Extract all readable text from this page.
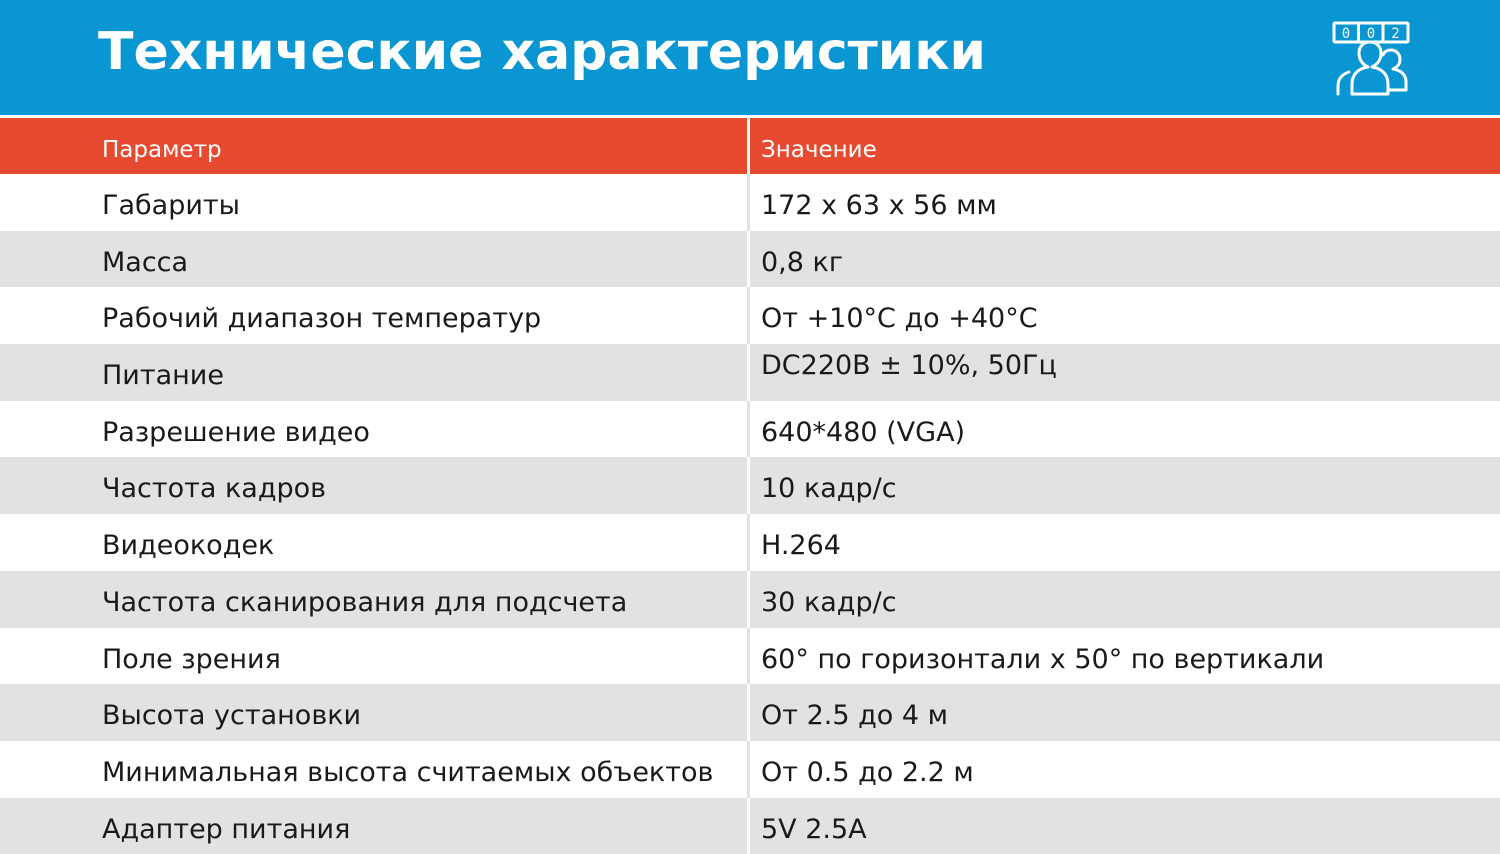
Технические характеристики	0 0 2
Параметр	Значение
Габариты	172 x 63 x 56 мм
Масса	0,8 кг
Рабочий диапазон температур	От +10°С до +40°С
Питание	DC220В ± 10%, 50Гц
Разрешение видео	640*480 (VGA)
Частота кадров	10 кадр/с
Видеокодек	H.264
Частота сканирования для подсчета	30 кадр/с
Поле зрения	60° по горизонтали х 50° по вертикали
Высота установки	От 2.5 до 4 м
Минимальная высота считаемых объектов	От 0.5 до 2.2 м
Адаптер питания	5V 2.5A
